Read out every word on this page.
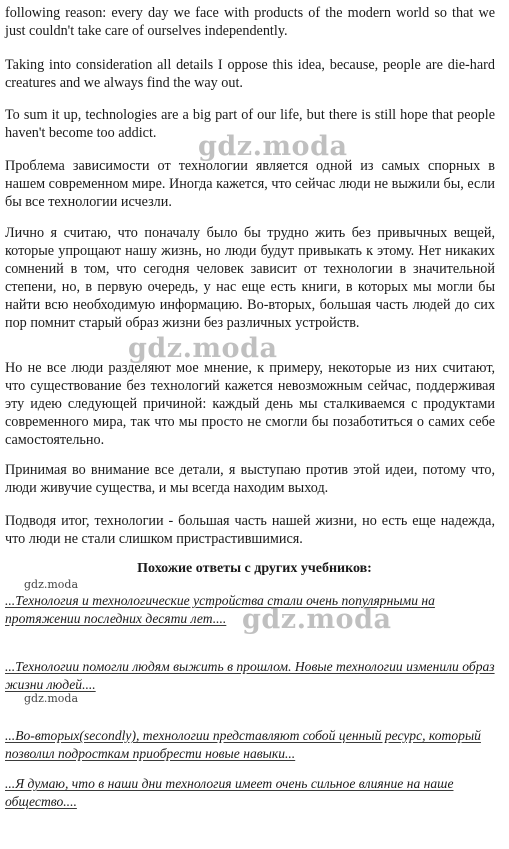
following reason: every day we face with products of the modern world so that we just couldn't take care of ourselves independently.

Taking into consideration all details I oppose this idea, because, people are die-hard creatures and we always find the way out.

To sum it up, technologies are a big part of our life, but there is still hope that people haven't become too addict.

Проблема зависимости от технологии является одной из самых спорных в нашем современном мире. Иногда кажется, что сейчас люди не выжили бы, если бы все технологии исчезли.

Лично я считаю, что поначалу было бы трудно жить без привычных вещей, которые упрощают нашу жизнь, но люди будут привыкать к этому. Нет никаких сомнений в том, что сегодня человек зависит от технологии в значительной степени, но, в первую очередь, у нас еще есть книги, в которых мы могли бы найти всю необходимую информацию. Во-вторых, большая часть людей до сих пор помнит старый образ жизни без различных устройств.

Но не все люди разделяют мое мнение, к примеру, некоторые из них считают, что существование без технологий кажется невозможным сейчас, поддерживая эту идею следующей причиной: каждый день мы сталкиваемся с продуктами современного мира, так что мы просто не смогли бы позаботиться о самих себе самостоятельно.

Принимая во внимание все детали, я выступаю против этой идеи, потому что, люди живучие существа, и мы всегда находим выход.

Подводя итог, технологии - большая часть нашей жизни, но есть еще надежда, что люди не стали слишком пристрастившимися.

Похожие ответы с других учебников:

...Технология и технологические устройства стали очень популярными на протяжении последних десяти лет....

...Технологии помогли людям выжить в прошлом. Новые технологии изменили образ жизни людей....

...Во-вторых(secondly), технологии представляют собой ценный ресурс, который позволил подросткам приобрести новые навыки...

...Я думаю, что в наши дни технология имеет очень сильное влияние на наше общество....

gdz.moda
gdz.moda
gdz.moda
gdz.moda
gdz.moda
